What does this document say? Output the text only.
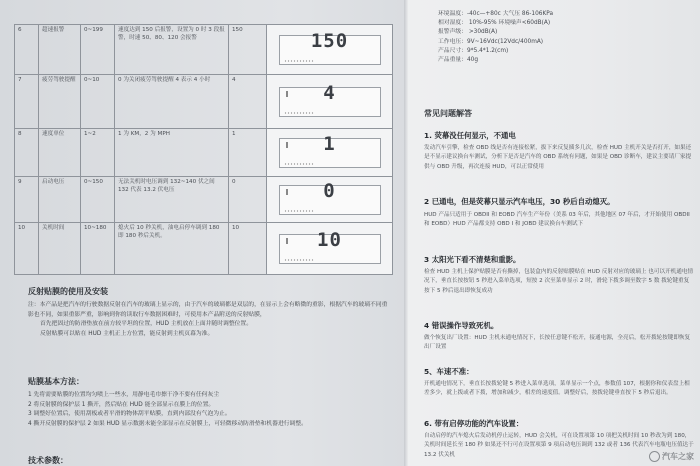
6	超速报警	0~199	速度达到 150 后报警，设置为 0 时 3 段报警，时速 50、80、120 会报警	150	150

7	疲劳驾驶提醒	0~10	0 为关闭疲劳驾驶提醒 4 表示 4 小时	4	4

8	速度单位	1~2	1 为 KM，2 为 MPH	1	1

9	启动电压	0~150	无法关机时电压调到 132~140 伏之间 132 代表 13.2 伏电压	0	0

10	关机时间	10~180	熄火后 10 秒关机，油电启停车调到 180 即 180 秒后关机。	10	10
反射贴膜的使用及安装
注：本产品是把汽车的行驶数据反射在汽车的玻璃上显示的，由于汽车的玻璃都是双层的，在显示上会有略微的重影，根据汽车的玻璃不同重影也不同，如果重影严重，影响到你的读取行车数据困难时，可使用本产品附送的反射贴膜，
首先把固过的防滑垫放在前方较平坦的位置，HUD 主机放在上面并随时调整位置。
反射贴膜可以贴在 HUD 主机正上方位置，能反射到主机页幕为准。
贴膜基本方法：
1 先将需要贴膜的位置均匀喷上一些水，用静电毛巾擦干净不要有任何灰尘
2 将反射膜的保护层 1 撕开，然后贴在 HUD 能全部显示在膜上的位置。
3 调整好位置后，使用刮板或者平滑的物体刮平贴膜，直到内部没有气泡为止。
4 撕开反射膜的保护层 2 如果 HUD 显示数据未能全部显示在反射膜上，可轻微移动防滑垫和机器进行调整。
技术参数：
环境温度：-40c—+80c 大气压 86-106KPa
相对湿度： 10%-95% 环境噪声<60dB(A)
报警声级： >30dB(A)
工作电压：9V~16Vdc(12Vdc/400mA)
产品尺寸：9*5.4*1.2(cm)
产品重量：40g
常见问题解答
1. 荧幕没任何显示，不通电
发动汽车引擎，检查 OBD 线是否有连接松紧，拔下来反复插多几次，检查 HUD 主机开关是否打开，如果还是不显示建议换台车测试，分析下是否是汽车的 OBD 系统有问题，如果是 OBD 诊断车，建议主要请厂家提供与 OBD 升级，再次连接 HUD，可以正常使用
2 已通电，但是荧幕只显示汽车电压，30 秒后自动熄灭。
HUD 产品只适用于 OBDII 和 EOBD 汽车生产年份（美系 03 年后，其他地区 07 年后，才开始使用 OBDII 和 EOBD）HUD 产品都支持 OBD I 和 JOBD 建议换台车测试下
3 太阳光下看不清楚和重影。
检查 HUD 主机上保护贴膜是否有撕掉，包装盒内的反射贴膜贴在 HUD 反射对应的玻璃上 也可以开机通电情况下，垂直长按按钮 5 秒进入菜单选项，短按 2 次至菜单显示 2 时，滑轮下拨多调至数字 5 数 拨轮键重复按下 5 秒后退出即恢复成功
4 错误操作导致死机。
做个恢复出厂设置：HUD 主机未通电情况下，长按任意键不松开，接通电源，全亮后，松开拨轮按键即恢复出厂设置
5、车速不准：
开机通电情况下，垂直长按拨轮键 5 秒进入菜单选项，菜单显示一个点，参数值 107，根据你和仪表盘上相差多少，就上拨或者下拨，增加和减少，相差的速度值。调整好后，按拨轮键垂直按下 5 秒后退出。
6. 带有启停功能的汽车设置：
自动启停的汽车熄火后发动机停止运转，HUD 会关机，可在设置项第 10 项把关机时间 10 秒改为到 180，关机时间延长至 180 秒 如果还不行可在设置项第 9 项启动电压调到 132 或者 136 代表汽车电瓶电压值达于 13.2 伏关机	汽车之家
